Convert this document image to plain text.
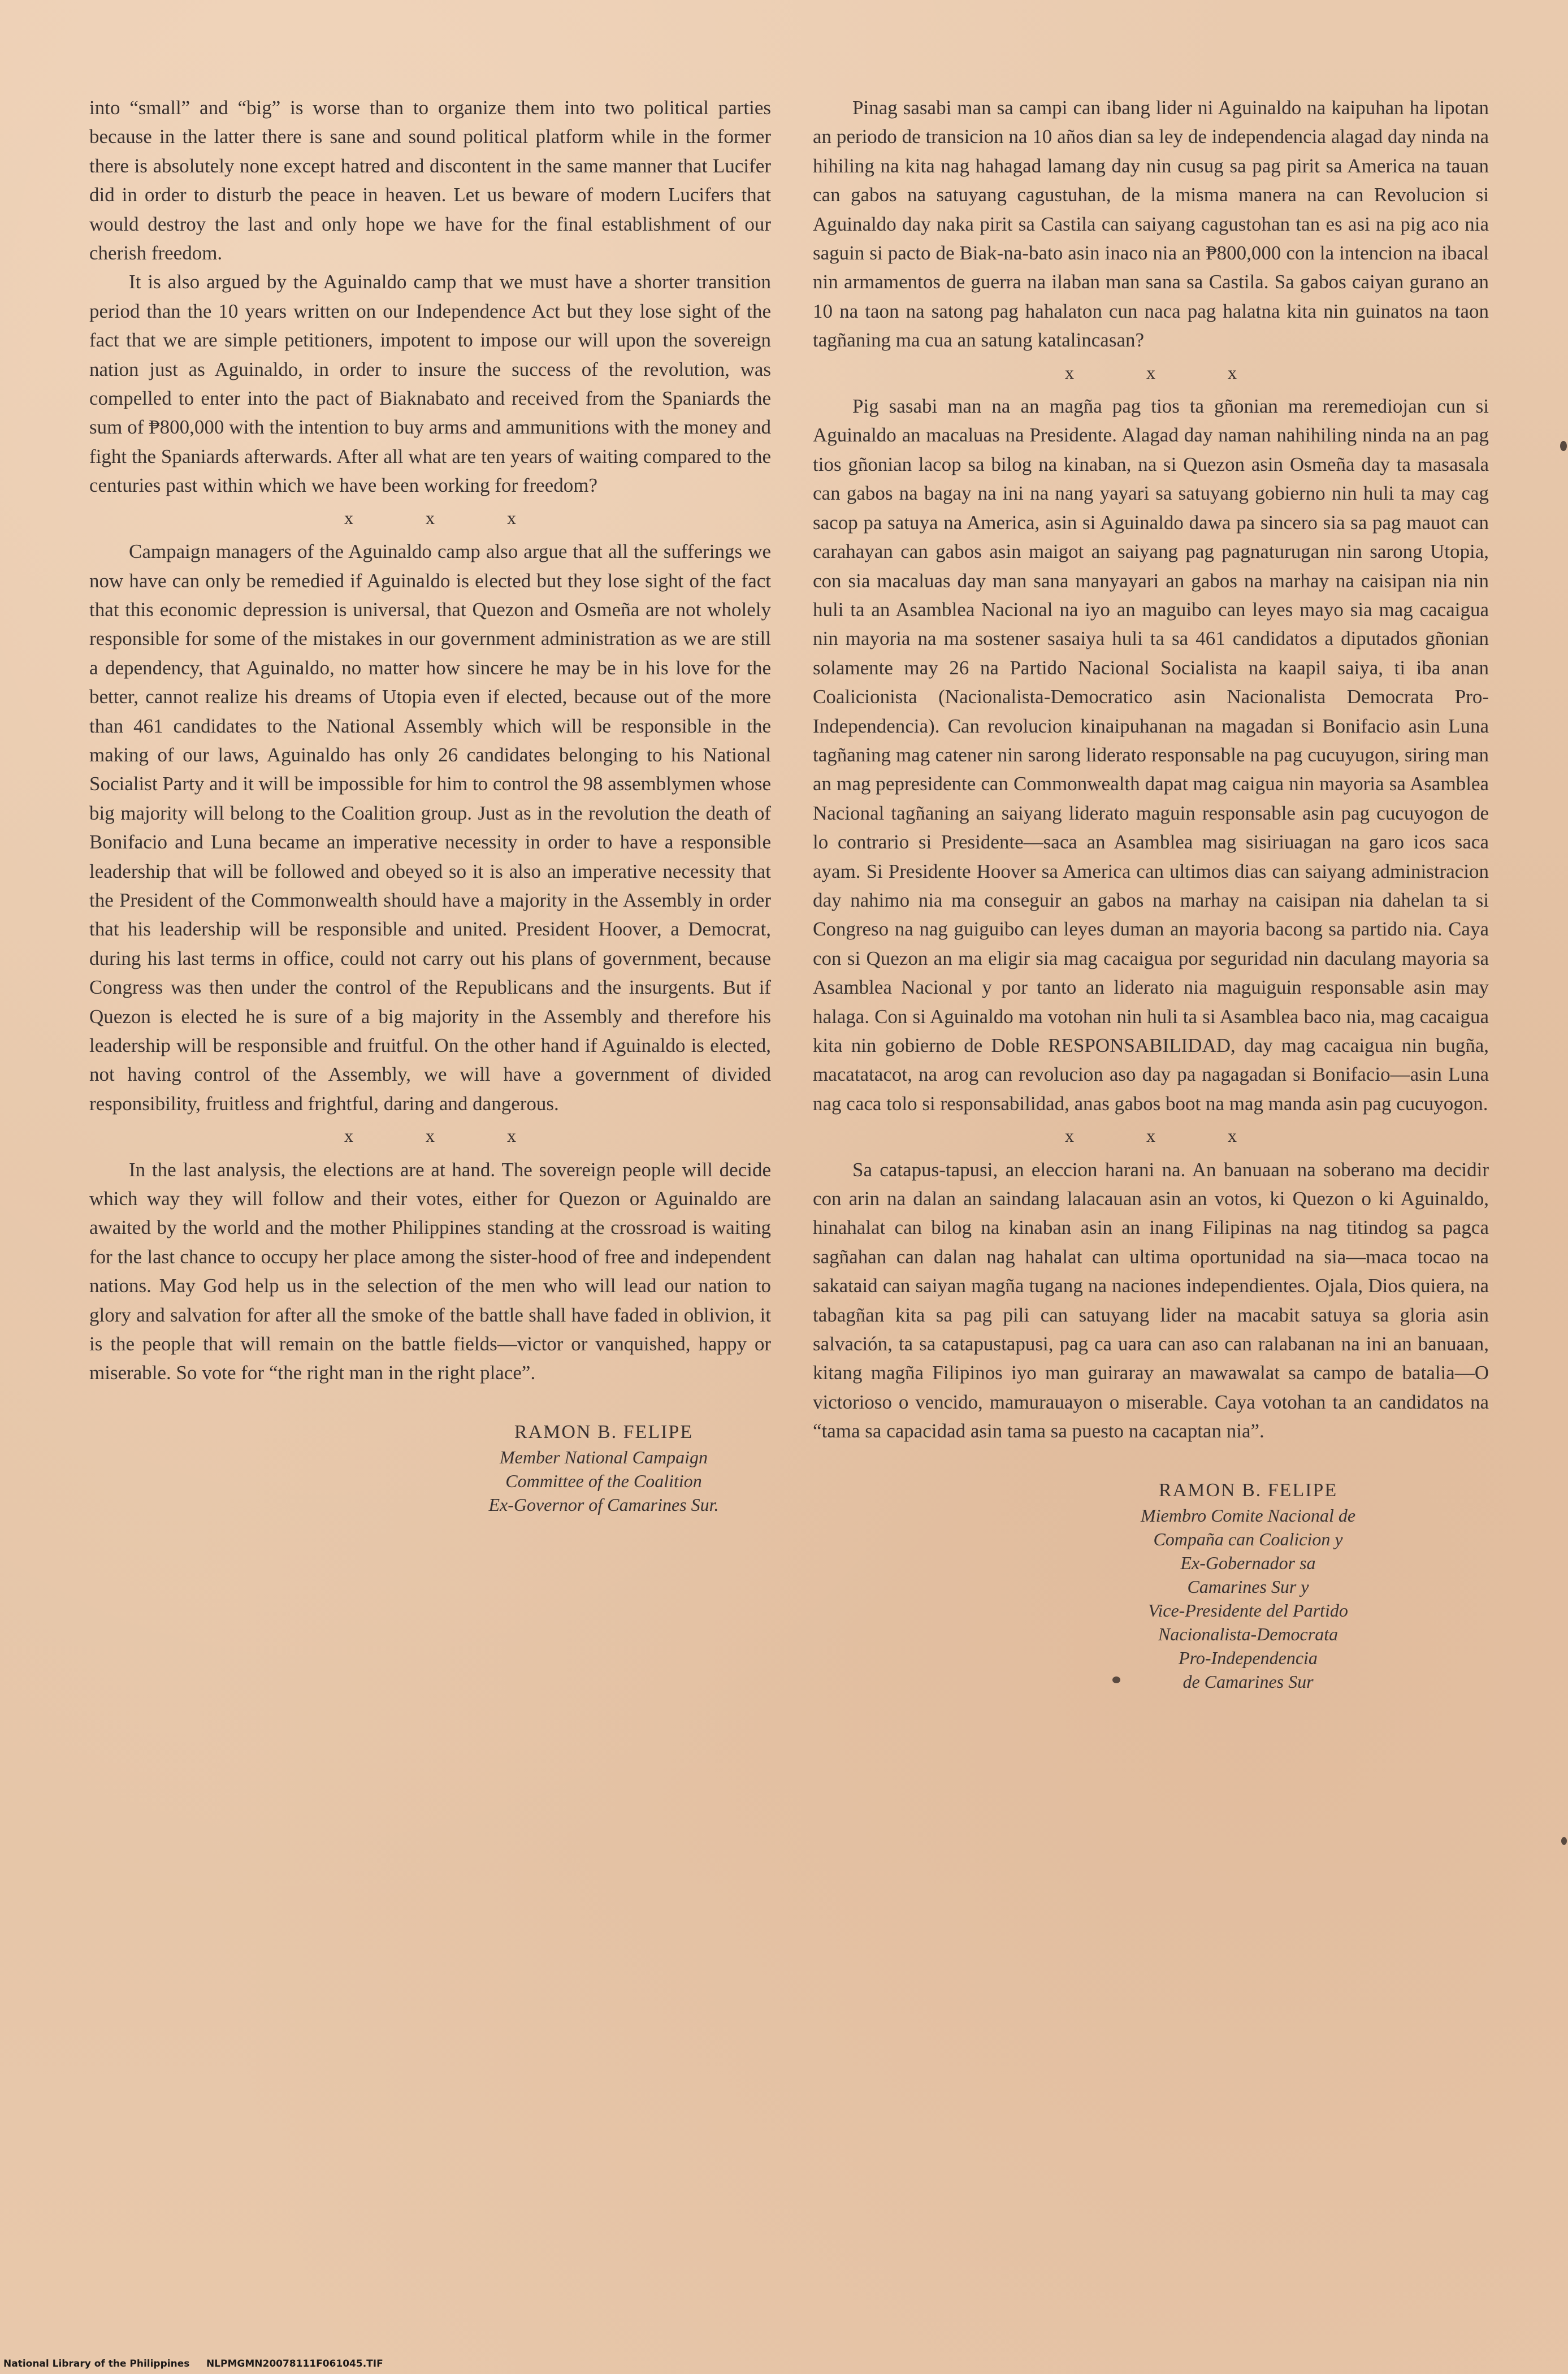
into “small” and “big” is worse than to organize them into two political parties because in the latter there is sane and sound political platform while in the former there is absolutely none except hatred and discontent in the same manner that Lucifer did in order to disturb the peace in heaven. Let us beware of modern Lucifers that would destroy the last and only hope we have for the final establishment of our cherish freedom.

It is also argued by the Aguinaldo camp that we must have a shorter transition period than the 10 years written on our Independence Act but they lose sight of the fact that we are simple petitioners, impotent to impose our will upon the sovereign nation just as Aguinaldo, in order to insure the success of the revolution, was compelled to enter into the pact of Biaknabato and received from the Spaniards the sum of ₱800,000 with the intention to buy arms and ammunitions with the money and fight the Spaniards afterwards. After all what are ten years of waiting compared to the centuries past within which we have been working for freedom?

x x x

Campaign managers of the Aguinaldo camp also argue that all the sufferings we now have can only be remedied if Aguinaldo is elected but they lose sight of the fact that this economic depression is universal, that Quezon and Osmeña are not wholely responsible for some of the mistakes in our government administration as we are still a dependency, that Aguinaldo, no matter how sincere he may be in his love for the better, cannot realize his dreams of Utopia even if elected, because out of the more than 461 candidates to the National Assembly which will be responsible in the making of our laws, Aguinaldo has only 26 candidates belonging to his National Socialist Party and it will be impossible for him to control the 98 assemblymen whose big majority will belong to the Coalition group. Just as in the revolution the death of Bonifacio and Luna became an imperative necessity in order to have a responsible leadership that will be followed and obeyed so it is also an imperative necessity that the President of the Commonwealth should have a majority in the Assembly in order that his leadership will be responsible and united. President Hoover, a Democrat, during his last terms in office, could not carry out his plans of government, because Congress was then under the control of the Republicans and the insurgents. But if Quezon is elected he is sure of a big majority in the Assembly and therefore his leadership will be responsible and fruitful. On the other hand if Aguinaldo is elected, not having control of the Assembly, we will have a government of divided responsibility, fruitless and frightful, daring and dangerous.

x x x

In the last analysis, the elections are at hand. The sovereign people will decide which way they will follow and their votes, either for Quezon or Aguinaldo are awaited by the world and the mother Philippines standing at the crossroad is waiting for the last chance to occupy her place among the sister-hood of free and independent nations. May God help us in the selection of the men who will lead our nation to glory and salvation for after all the smoke of the battle shall have faded in oblivion, it is the people that will remain on the battle fields—victor or vanquished, happy or miserable. So vote for “the right man in the right place”.

RAMON B. FELIPE
Member National Campaign
Committee of the Coalition
Ex-Governor of Camarines Sur.

Pinag sasabi man sa campi can ibang lider ni Aguinaldo na kaipuhan ha lipotan an periodo de transicion na 10 años dian sa ley de independencia alagad day ninda na hihiling na kita nag hahagad lamang day nin cusug sa pag pirit sa America na tauan can gabos na satuyang cagustuhan, de la misma manera na can Revolucion si Aguinaldo day naka pirit sa Castila can saiyang cagustohan tan es asi na pig aco nia saguin si pacto de Biak-na-bato asin inaco nia an ₱800,000 con la intencion na ibacal nin armamentos de guerra na ilaban man sana sa Castila. Sa gabos caiyan gurano an 10 na taon na satong pag hahalaton cun naca pag halatna kita nin guinatos na taon tagñaning ma cua an satung katalincasan?

x x x

Pig sasabi man na an magña pag tios ta gñonian ma reremediojan cun si Aguinaldo an macaluas na Presidente. Alagad day naman nahihiling ninda na an pag tios gñonian lacop sa bilog na kinaban, na si Quezon asin Osmeña day ta masasala can gabos na bagay na ini na nang yayari sa satuyang gobierno nin huli ta may cag sacop pa satuya na America, asin si Aguinaldo dawa pa sincero sia sa pag mauot can carahayan can gabos asin maigot an saiyang pag pagnaturugan nin sarong Utopia, con sia macaluas day man sana manyayari an gabos na marhay na caisipan nia nin huli ta an Asamblea Nacional na iyo an maguibo can leyes mayo sia mag cacaigua nin mayoria na ma sostener sasaiya huli ta sa 461 candidatos a diputados gñonian solamente may 26 na Partido Nacional Socialista na kaapil saiya, ti iba anan Coalicionista (Nacionalista-Democratico asin Nacionalista Democrata Pro-Independencia). Can revolucion kinaipuhanan na magadan si Bonifacio asin Luna tagñaning mag catener nin sarong liderato responsable na pag cucuyugon, siring man an mag pepresidente can Commonwealth dapat mag caigua nin mayoria sa Asamblea Nacional tagñaning an saiyang liderato maguin responsable asin pag cucuyogon de lo contrario si Presidente—saca an Asamblea mag sisiriuagan na garo icos saca ayam. Si Presidente Hoover sa America can ultimos dias can saiyang administracion day nahimo nia ma conseguir an gabos na marhay na caisipan nia dahelan ta si Congreso na nag guiguibo can leyes duman an mayoria bacong sa partido nia. Caya con si Quezon an ma eligir sia mag cacaigua por seguridad nin daculang mayoria sa Asamblea Nacional y por tanto an liderato nia maguiguin responsable asin may halaga. Con si Aguinaldo ma votohan nin huli ta si Asamblea baco nia, mag cacaigua kita nin gobierno de Doble RESPONSABILIDAD, day mag cacaigua nin bugña, macatatacot, na arog can revolucion aso day pa nagagadan si Bonifacio—asin Luna nag caca tolo si responsabilidad, anas gabos boot na mag manda asin pag cucuyogon.

x x x

Sa catapus-tapusi, an eleccion harani na. An banuaan na soberano ma decidir con arin na dalan an saindang lalacauan asin an votos, ki Quezon o ki Aguinaldo, hinahalat can bilog na kinaban asin an inang Filipinas na nag titindog sa pagca sagñahan can dalan nag hahalat can ultima oportunidad na sia—maca tocao na sakataid can saiyan magña tugang na naciones independientes. Ojala, Dios quiera, na tabagñan kita sa pag pili can satuyang lider na macabit satuya sa gloria asin salvación, ta sa catapustapusi, pag ca uara can aso can ralabanan na ini an banuaan, kitang magña Filipinos iyo man guiraray an mawawalat sa campo de batalia—O victorioso o vencido, mamurauayon o miserable. Caya votohan ta an candidatos na “tama sa capacidad asin tama sa puesto na cacaptan nia”.

RAMON B. FELIPE
Miembro Comite Nacional de
Compaña can Coalicion y
Ex-Gobernador sa
Camarines Sur y
Vice-Presidente del Partido
Nacionalista-Democrata
Pro-Independencia
de Camarines Sur
National Library of the Philippines NLPMGMN20078111F061045.TIF
